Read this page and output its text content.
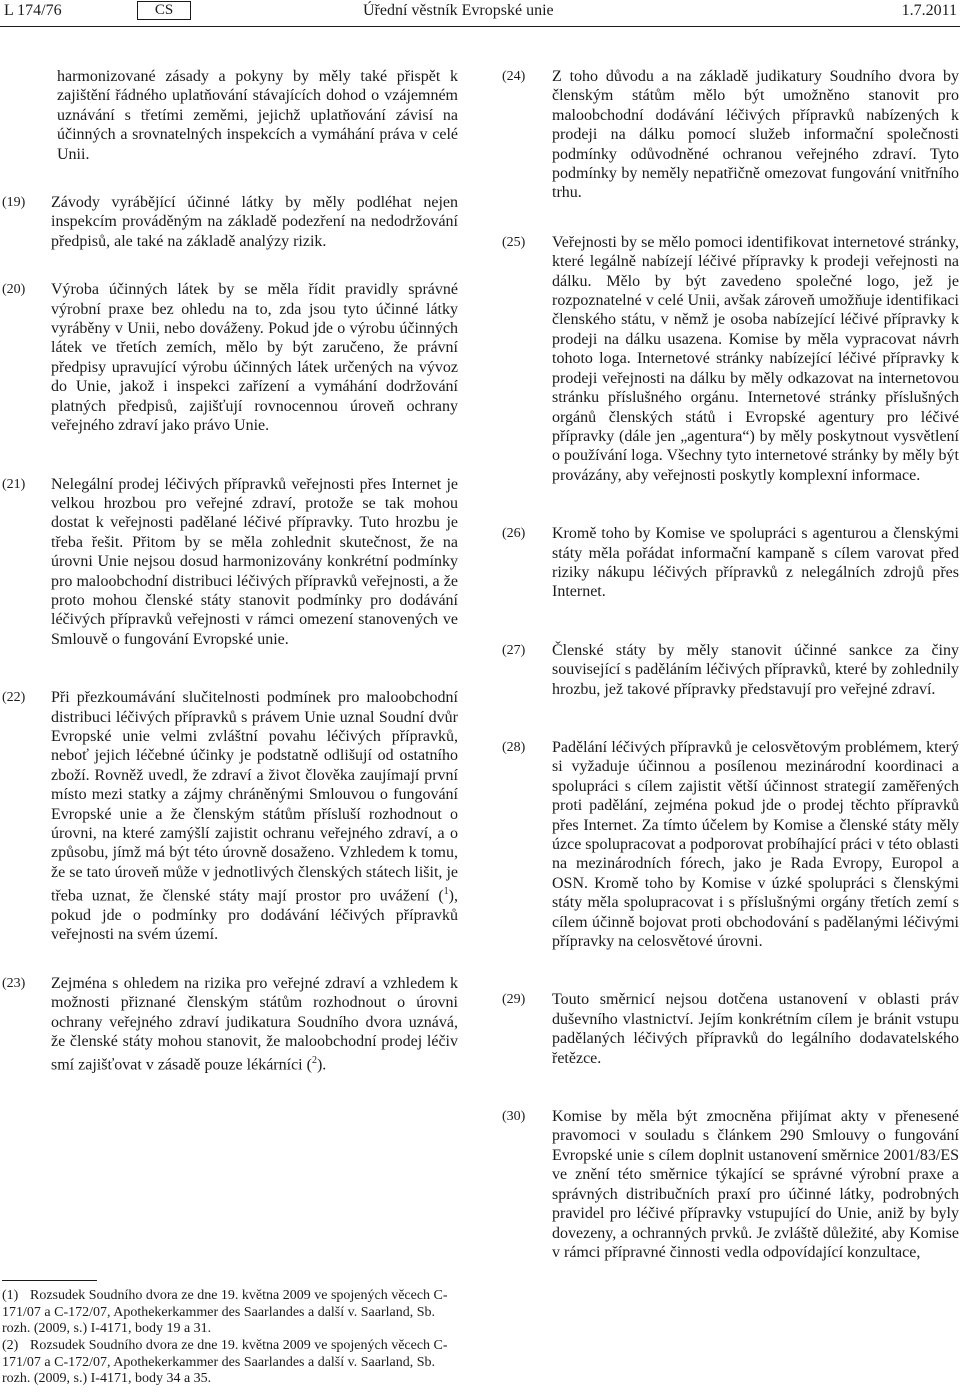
L 174/76	CS	Úřední věstník Evropské unie	1.7.2011

harmonizované zásady a pokyny by měly také přispět k zajištění řádného uplatňování stávajících dohod o vzájemném uznávání s třetími zeměmi, jejichž uplatňování závisí na účinných a srovnatelných inspekcích a vymáhání práva v celé Unii.

(19) Závody vyrábějící účinné látky by měly podléhat nejen inspekcím prováděným na základě podezření na nedodržování předpisů, ale také na základě analýzy rizik.

(20) Výroba účinných látek by se měla řídit pravidly správné výrobní praxe bez ohledu na to, zda jsou tyto účinné látky vyráběny v Unii, nebo dováženy. Pokud jde o výrobu účinných látek ve třetích zemích, mělo by být zaručeno, že právní předpisy upravující výrobu účinných látek určených na vývoz do Unie, jakož i inspekci zařízení a vymáhání dodržování platných předpisů, zajišťují rovnocennou úroveň ochrany veřejného zdraví jako právo Unie.

(21) Nelegální prodej léčivých přípravků veřejnosti přes Internet je velkou hrozbou pro veřejné zdraví, protože se tak mohou dostat k veřejnosti padělané léčivé přípravky. Tuto hrozbu je třeba řešit. Přitom by se měla zohlednit skutečnost, že na úrovni Unie nejsou dosud harmonizovány konkrétní podmínky pro maloobchodní distribuci léčivých přípravků veřejnosti, a že proto mohou členské státy stanovit podmínky pro dodávání léčivých přípravků veřejnosti v rámci omezení stanovených ve Smlouvě o fungování Evropské unie.

(22) Při přezkoumávání slučitelnosti podmínek pro maloobchodní distribuci léčivých přípravků s právem Unie uznal Soudní dvůr Evropské unie velmi zvláštní povahu léčivých přípravků, neboť jejich léčebné účinky je podstatně odlišují od ostatního zboží. Rovněž uvedl, že zdraví a život člověka zaujímají první místo mezi statky a zájmy chráněnými Smlouvou o fungování Evropské unie a že členským státům přísluší rozhodnout o úrovni, na které zamýšlí zajistit ochranu veřejného zdraví, a o způsobu, jímž má být této úrovně dosaženo. Vzhledem k tomu, že se tato úroveň může v jednotlivých členských státech lišit, je třeba uznat, že členské státy mají prostor pro uvážení ($^1$), pokud jde o podmínky pro dodávání léčivých přípravků veřejnosti na svém území.

(23) Zejména s ohledem na rizika pro veřejné zdraví a vzhledem k možnosti přiznané členským státům rozhodnout o úrovni ochrany veřejného zdraví judikatura Soudního dvora uznává, že členské státy mohou stanovit, že maloobchodní prodej léčiv smí zajišťovat v zásadě pouze lékárníci ($^2$).

(1) Rozsudek Soudního dvora ze dne 19. května 2009 ve spojených věcech C-171/07 a C-172/07, Apothekerkammer des Saarlandes a další v. Saarland, Sb. rozh. (2009, s.) I-4171, body 19 a 31.
(2) Rozsudek Soudního dvora ze dne 19. května 2009 ve spojených věcech C-171/07 a C-172/07, Apothekerkammer des Saarlandes a další v. Saarland, Sb. rozh. (2009, s.) I-4171, body 34 a 35.
(24) Z toho důvodu a na základě judikatury Soudního dvora by členským státům mělo být umožněno stanovit pro maloobchodní dodávání léčivých přípravků nabízených k prodeji na dálku pomocí služeb informační společnosti podmínky odůvodněné ochranou veřejného zdraví. Tyto podmínky by neměly nepatřičně omezovat fungování vnitřního trhu.

(25) Veřejnosti by se mělo pomoci identifikovat internetové stránky, které legálně nabízejí léčivé přípravky k prodeji veřejnosti na dálku. Mělo by být zavedeno společné logo, jež je rozpoznatelné v celé Unii, avšak zároveň umožňuje identifikaci členského státu, v němž je osoba nabízející léčivé přípravky k prodeji na dálku usazena. Komise by měla vypracovat návrh tohoto loga. Internetové stránky nabízející léčivé přípravky k prodeji veřejnosti na dálku by měly odkazovat na internetovou stránku příslušného orgánu. Internetové stránky příslušných orgánů členských států i Evropské agentury pro léčivé přípravky (dále jen „agentura“) by měly poskytnout vysvětlení o používání loga. Všechny tyto internetové stránky by měly být provázány, aby veřejnosti poskytly komplexní informace.

(26) Kromě toho by Komise ve spolupráci s agenturou a členskými státy měla pořádat informační kampaně s cílem varovat před riziky nákupu léčivých přípravků z nelegálních zdrojů přes Internet.

(27) Členské státy by měly stanovit účinné sankce za činy související s paděláním léčivých přípravků, které by zohlednily hrozbu, jež takové přípravky představují pro veřejné zdraví.

(28) Padělání léčivých přípravků je celosvětovým problémem, který si vyžaduje účinnou a posílenou mezinárodní koordinaci a spolupráci s cílem zajistit větší účinnost strategií zaměřených proti padělání, zejména pokud jde o prodej těchto přípravků přes Internet. Za tímto účelem by Komise a členské státy měly úzce spolupracovat a podporovat probíhající práci v této oblasti na mezinárodních fórech, jako je Rada Evropy, Europol a OSN. Kromě toho by Komise v úzké spolupráci s členskými státy měla spolupracovat i s příslušnými orgány třetích zemí s cílem účinně bojovat proti obchodování s padělanými léčivými přípravky na celosvětové úrovni.

(29) Touto směrnicí nejsou dotčena ustanovení v oblasti práv duševního vlastnictví. Jejím konkrétním cílem je bránit vstupu padělaných léčivých přípravků do legálního dodavatelského řetězce.

(30) Komise by měla být zmocněna přijímat akty v přenesené pravomoci v souladu s článkem 290 Smlouvy o fungování Evropské unie s cílem doplnit ustanovení směrnice 2001/83/ES ve znění této směrnice týkající se správné výrobní praxe a správných distribučních praxí pro účinné látky, podrobných pravidel pro léčivé přípravky vstupující do Unie, aniž by byly dovezeny, a ochranných prvků. Je zvláště důležité, aby Komise v rámci přípravné činnosti vedla odpovídající konzultace,
